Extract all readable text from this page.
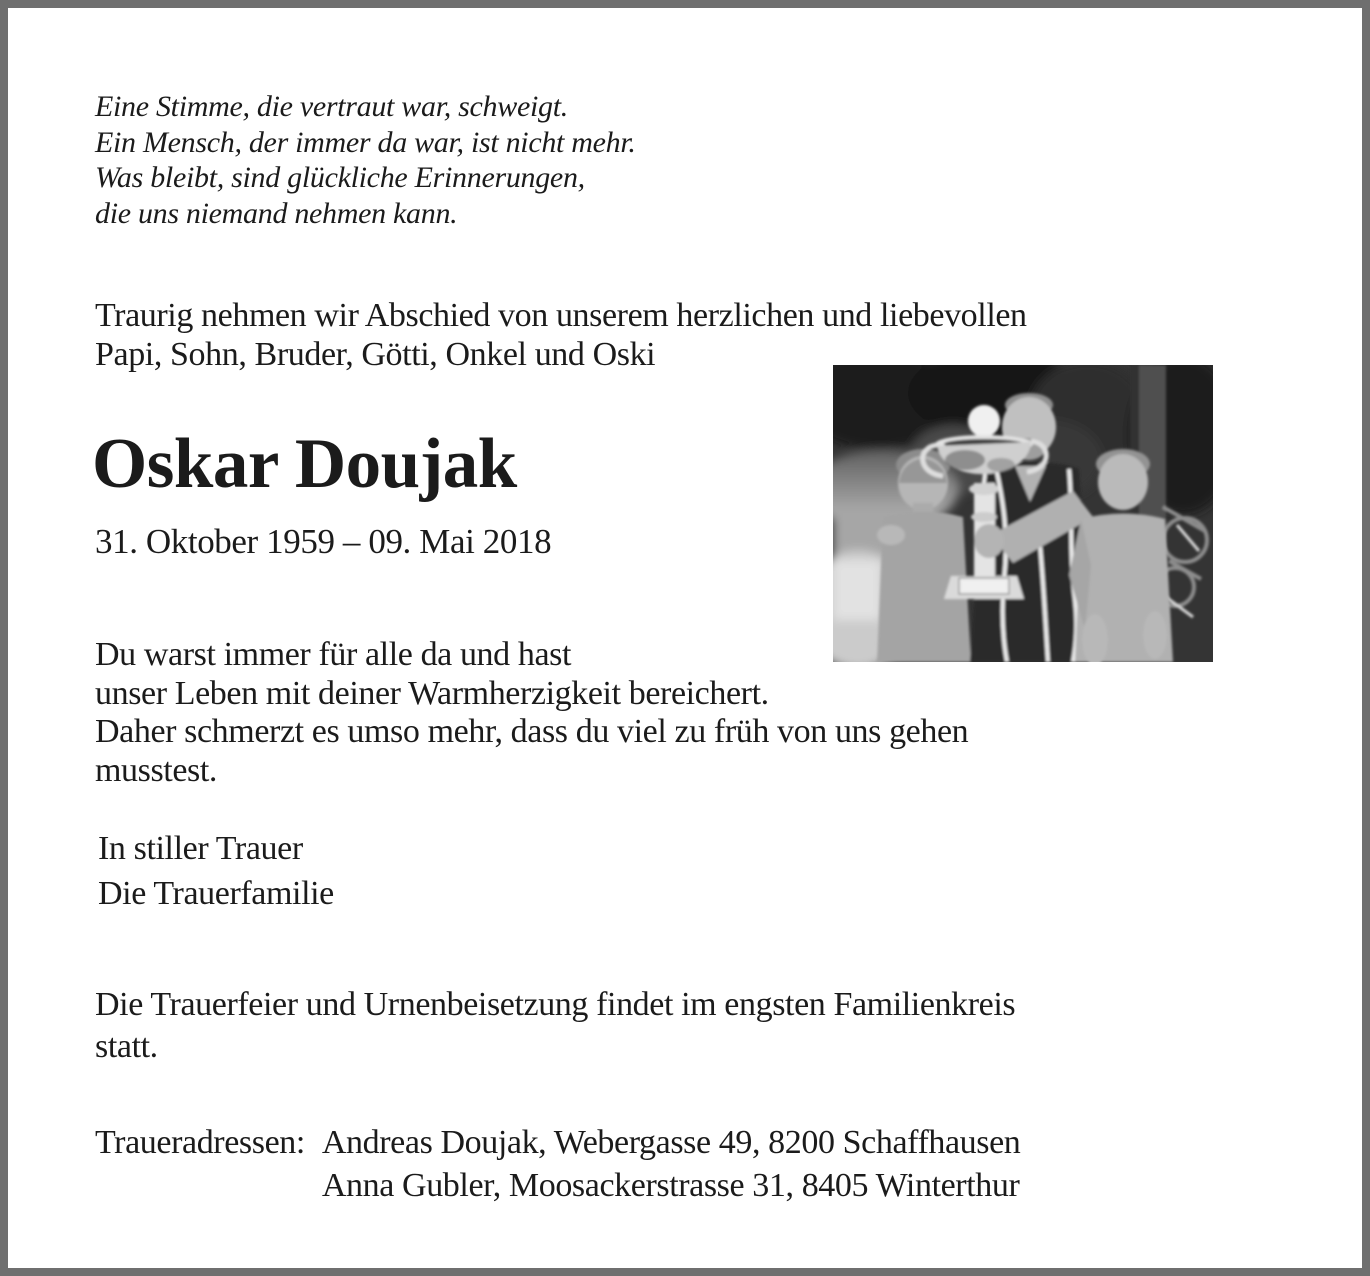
Eine Stimme, die vertraut war, schweigt.
Ein Mensch, der immer da war, ist nicht mehr.
Was bleibt, sind glückliche Erinnerungen,
die uns niemand nehmen kann.
Traurig nehmen wir Abschied von unserem herzlichen und liebevollen
Papi, Sohn, Bruder, Götti, Onkel und Oski
Oskar Doujak
31. Oktober 1959 – 09. Mai 2018
Du warst immer für alle da und hast
unser Leben mit deiner Warmherzigkeit bereichert.
Daher schmerzt es umso mehr, dass du viel zu früh von uns gehen
musstest.
In stiller Trauer
Die Trauerfamilie
Die Trauerfeier und Urnenbeisetzung findet im engsten Familienkreis
statt.
Traueradressen: Andreas Doujak, Webergasse 49, 8200 Schaffhausen
Anna Gubler, Moosackerstrasse 31, 8405 Winterthur
